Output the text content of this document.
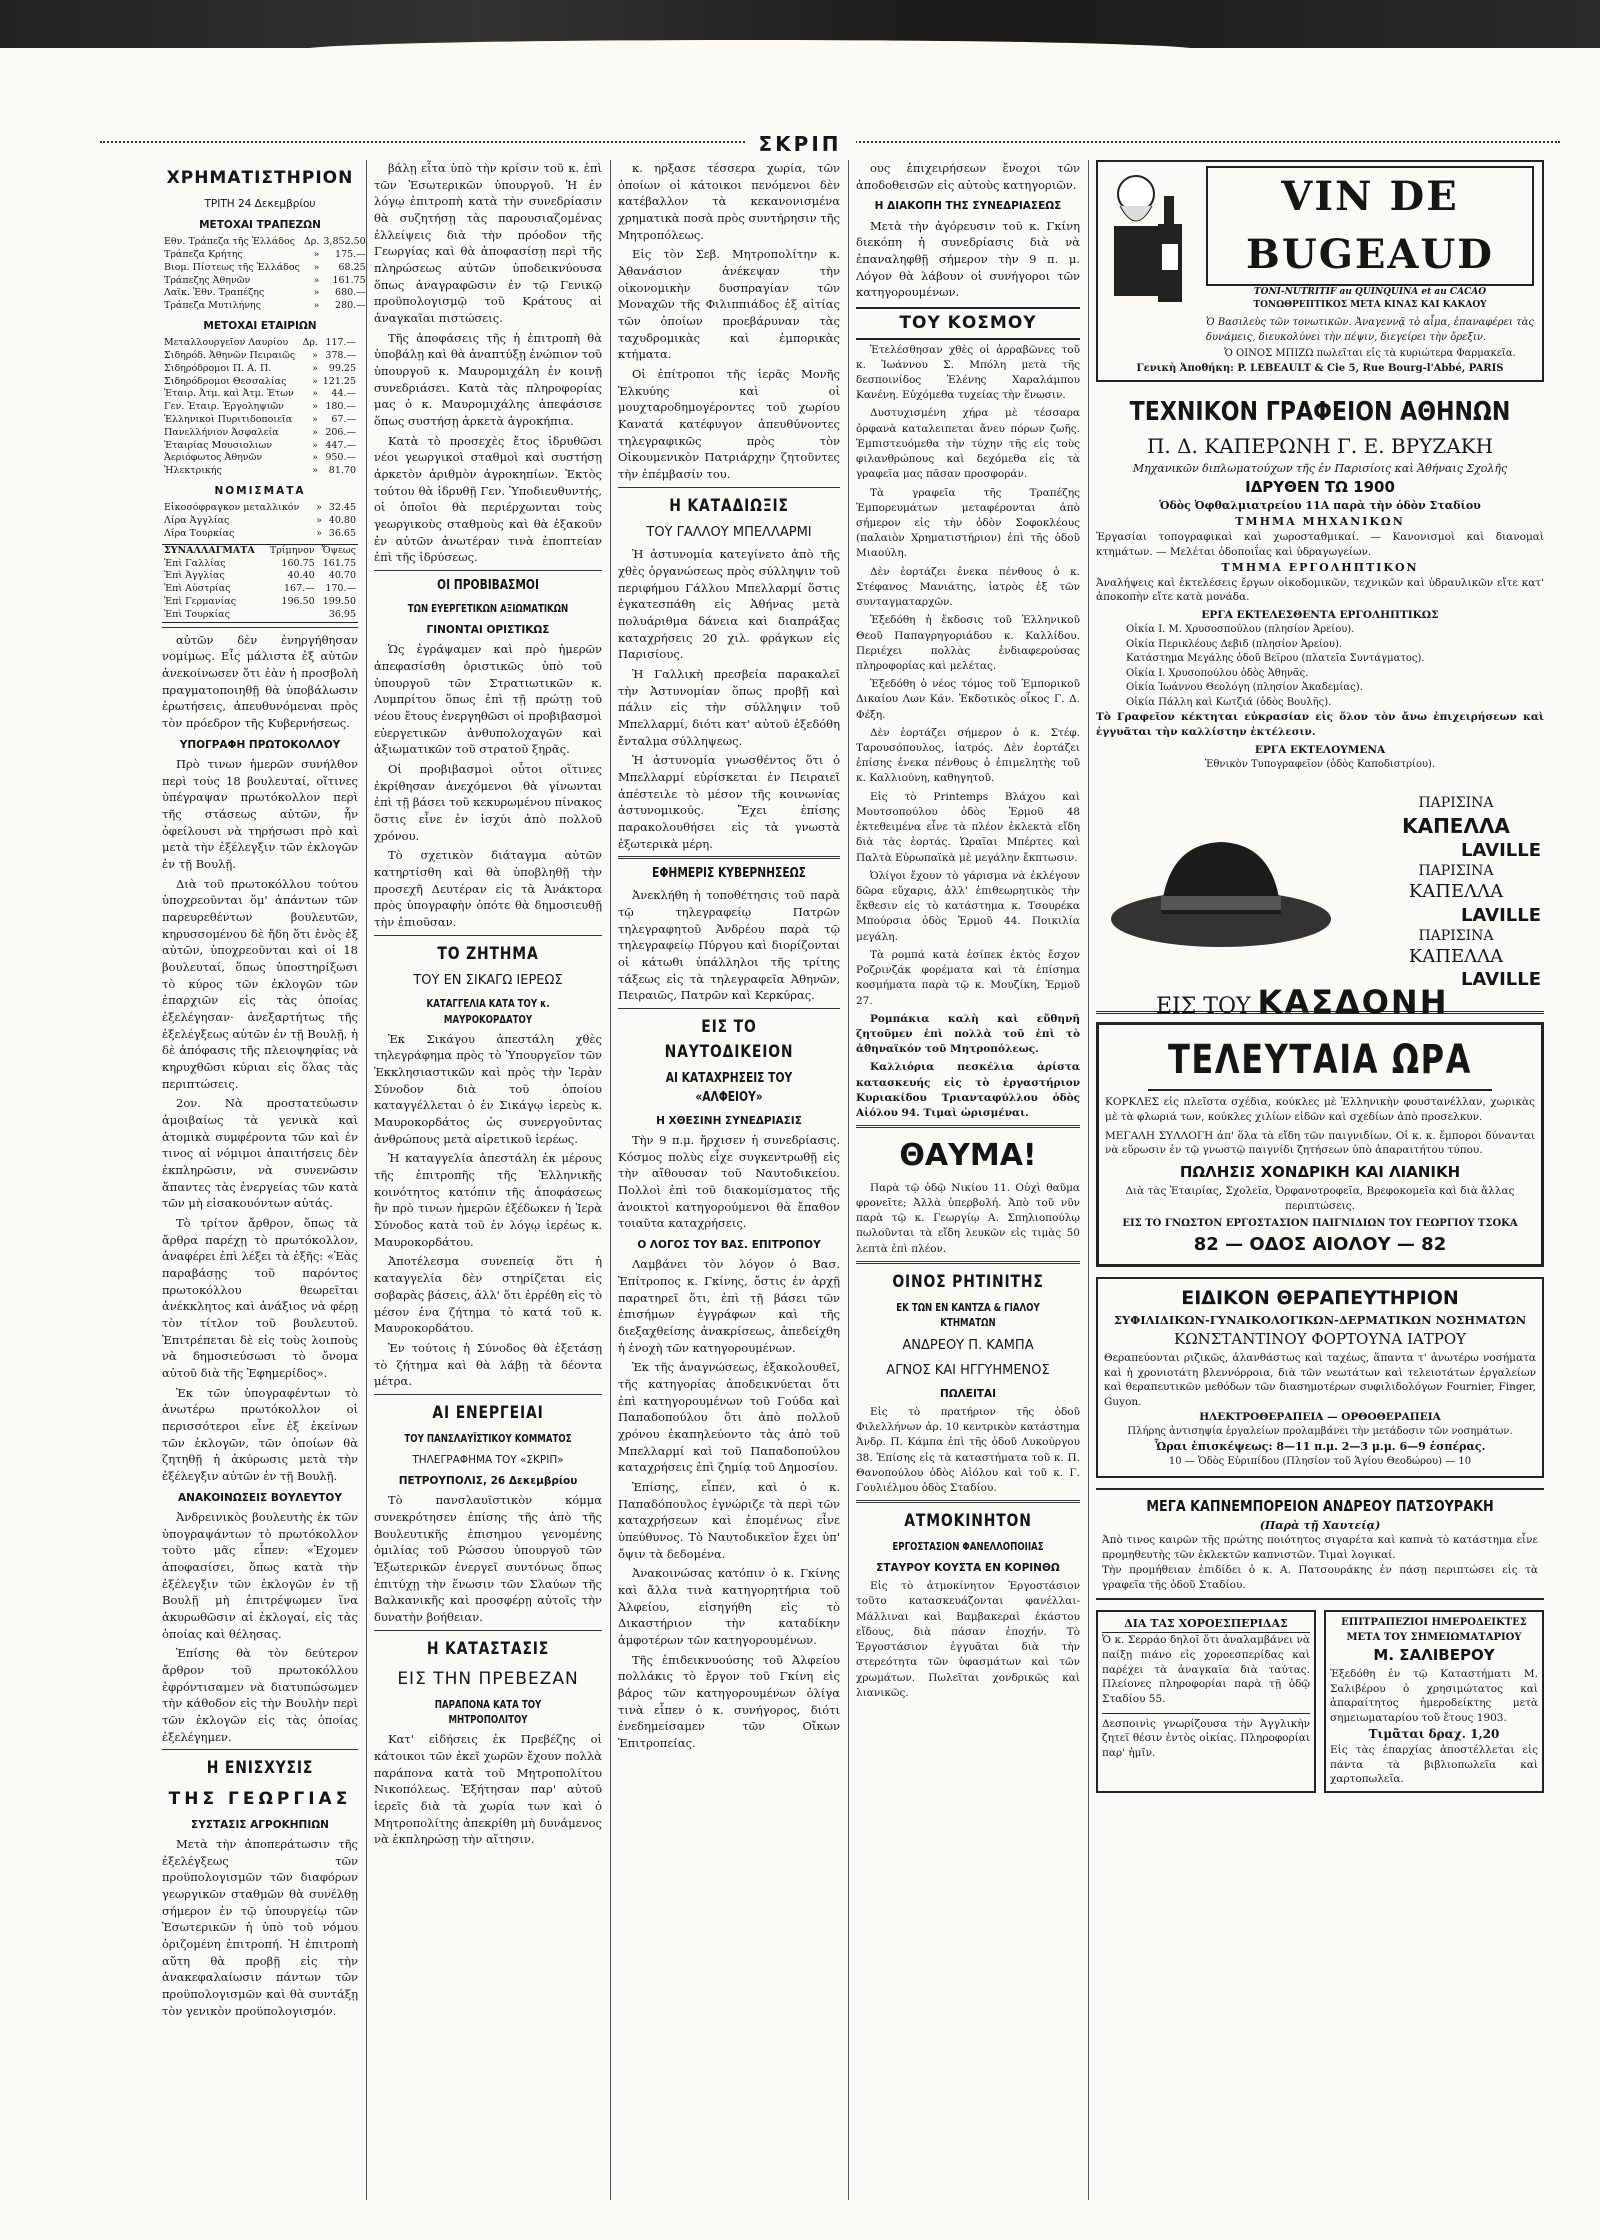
ΣΚΡΙΠ
ΧΡΗΜΑΤΙΣΤΗΡΙΟΝ
ΤΡΙΤΗ 24 Δεκεμβρίου
ΜΕΤΟΧΑΙ ΤΡΑΠΕΖΩΝ
Εθν. Τράπεζα τῆς Ἑλλάδος	Δρ.	3,852.50
Τράπεζα Κρήτης	»	175.—
Βιομ. Πίστεως τῆς Ἑλλάδος	»	68.25
Τράπεζης Ἀθηνῶν	»	161.75
Λαϊκ. Ἐθν. Τραπέζης	»	680.—
Τράπεζα Μυτιλήνης	»	280.—
ΜΕΤΟΧΑΙ ΕΤΑΙΡΙΩΝ
Μεταλλουργεῖον Λαυρίου	Δρ.	117.—
Σιδηρόδ. Ἀθηνῶν Πειραιῶς	»	378.—
Σιδηρόδρομοι Π. Α. Π.	»	99.25
Σιδηρόδρομοι Θεσσαλίας	»	121.25
Ἐταιρ. Ἀτμ. καὶ Ἀτμ. Ἐτων	»	44.—
Γεν. Ἐταιρ. Ἐργοληψιῶν	»	180.—
Ἑλληνικοὶ Πυριτιδοποιεῖα	»	67.—
Πανελλήνιον Ἀσφαλεία	»	206.—
Ἐταιρίας Μουσιολιων	»	447.—
Ἀεριόφωτος Ἀθηνῶν	»	950.—
Ἠλεκτρικής	»	81.70
ΝΟΜΙΣΜΑΤΑ
Εἰκοσόφραγκον μεταλλικόν	»	32.45
Λίρα Ἀγγλίας	»	40.80
Λίρα Τουρκίας	»	36.65
ΣΥΝΑΛΛΑΓΜΑΤΑ	Τρίμηνον	Ὄψεως
Ἐπὶ Γαλλίας	160.75	161.75
Ἐπὶ Ἀγγλίας	40.40	40.70
Ἐπὶ Αὐστρίας	167.—	170.—
Ἐπὶ Γερμανίας	196.50	199.50
Ἐπὶ Τουρκίας		36.95

αὐτῶν δὲν ἐνηργήθησαν νομίμως. Εἶς μάλιστα ἐξ αὐτῶν ἀνεκοίνωσεν ὅτι ἐὰν ἡ προσβολὴ πραγματοποιηθῇ θὰ ὑποβάλωσιν ἑρωτήσεις, ἀπευθυνόμεναι πρὸς τὸν πρόεδρον τῆς Κυβερνήσεως.

ΥΠΟΓΡΑΦΗ ΠΡΩΤΟΚΟΛΛΟΥ

Πρὸ τινων ἡμερῶν συνήλθον περὶ τοὺς 18 βουλευταί, οἵτινες ὑπέγραψαν πρωτόκολλον περὶ τῆς στάσεως αὐτῶν, ἧν ὀφείλουσι νὰ τηρήσωσι πρὸ καὶ μετὰ τὴν ἐξέλεγξιν τῶν ἐκλογῶν ἐν τῇ Βουλῇ.

Διὰ τοῦ πρωτοκόλλου τούτου ὑποχρεοῦνται ὅμ' ἀπάντων τῶν παρευρεθέντων βουλευτῶν, κηρυσσομένου δὲ ἤδη ὅτι ἐνὸς ἐξ αὐτῶν, ὑποχρεοῦνται καὶ οἱ 18 βουλευταί, ὅπως ὑποστηρίξωσι τὸ κύρος τῶν ἐκλογῶν τῶν ἐπαρχιῶν εἰς τὰς ὁποίας ἐξελέγησαν· ἀνεξαρτήτως τῆς ἐξελέγξεως αὐτῶν ἐν τῇ Βουλῇ, ἡ δὲ ἀπόφασις τῆς πλειοψηφίας νὰ κηρυχθῶσι κύριαι εἰς ὅλας τὰς περιπτώσεις.

2ον. Νὰ προστατεύωσιν ἀμοιβαίως τὰ γενικὰ καὶ ἀτομικὰ συμφέροντα τῶν καὶ ἐν τινος αἱ νόμιμοι ἀπαιτήσεις δὲν ἐκπληρῶσιν, νὰ συνενῶσιν ἅπαντες τὰς ἐνεργείας τῶν κατὰ τῶν μὴ εἰσακουόντων αὐτάς.

Τὸ τρίτον ἄρθρον, ὅπως τὰ ἄρθρα παρέχῃ τὸ πρωτόκολλον, ἀναφέρει ἐπὶ λέξει τὰ ἑξῆς: «Ἐὰς παραβάσῃς τοῦ παρόντος πρωτοκόλλου θεωρεῖται ἀνέκκλητος καὶ ἀνάξιος νὰ φέρῃ τὸν τίτλον τοῦ βουλευτοῦ. Ἐπιτρέπεται δὲ εἰς τοὺς λοιποὺς νὰ δημοσιεύσωσι τὸ ὄνομα αὐτοῦ διὰ τῆς Ἐφημερίδος».

Ἐκ τῶν ὑπογραφέντων τὸ ἀνωτέρω πρωτόκολλον οἱ περισσότεροι εἶνε ἐξ ἐκείνων τῶν ἐκλογῶν, τῶν ὁποίων θὰ ζητηθῇ ἡ ἀκύρωσις μετὰ τὴν ἐξέλεγξιν αὐτῶν ἐν τῇ Βουλῇ.

ΑΝΑΚΟΙΝΩΣΕΙΣ ΒΟΥΛΕΥΤΟΥ

Ἀνδρεινικὸς βουλευτὴς ἐκ τῶν ὑπογραψάντων τὸ πρωτόκολλον τοῦτο μᾶς εἶπεν: «Ἐχομεν ἀποφασίσει, ὅπως κατὰ τὴν ἐξέλεγξιν τῶν ἐκλογῶν ἐν τῇ Βουλῇ μὴ ἐπιτρέψωμεν ἵνα ἀκυρωθῶσιν αἱ ἐκλογαί, εἰς τὰς ὁποίας καὶ θέλησας.

Ἐπίσης θὰ τὸν δεύτερον ἄρθρον τοῦ πρωτοκόλλου ἐφρόντισαμεν νὰ διατυπώσωμεν τὴν κάθοδον εἰς τὴν Βουλὴν περὶ τῶν ἐκλογῶν εἰς τὰς ὁποίας ἐξελέγημεν.

Η ΕΝΙΣΧΥΣΙΣ
ΤΗΣ ΓΕΩΡΓΙΑΣ
ΣΥΣΤΑΣΙΣ ΑΓΡΟΚΗΠΙΩΝ

Μετὰ τὴν ἀποπεράτωσιν τῆς ἐξελέγξεως τῶν προϋπολογισμῶν τῶν διαφόρων γεωργικῶν σταθμῶν θὰ συνέλθῃ σήμερον ἐν τῷ ὑπουργείῳ τῶν Ἐσωτερικῶν ἡ ὑπὸ τοῦ νόμου ὁριζομένη ἐπιτροπή. Ἡ ἐπιτροπὴ αὕτη θὰ προβῇ εἰς τὴν ἀνακεφαλαίωσιν πάντων τῶν προϋπολογισμῶν καὶ θὰ συντάξῃ τὸν γενικὸν προϋπολογισμόν.

βάλῃ εἶτα ὑπὸ τὴν κρίσιν τοῦ κ. ἐπὶ τῶν Ἐσωτερικῶν ὑπουργοῦ. Ἡ ἐν λόγῳ ἐπιτροπὴ κατὰ τὴν συνεδρίασιν θὰ συζητήσῃ τὰς παρουσιαζομένας ἐλλείψεις διὰ τὴν πρόοδον τῆς Γεωργίας καὶ θὰ ἀποφασίσῃ περὶ τῆς πληρώσεως αὐτῶν ὑποδεικνύουσα ὅπως ἀναγραφῶσιν ἐν τῷ Γενικῷ προϋπολογισμῷ τοῦ Κράτους αἱ ἀναγκαῖαι πιστώσεις.

Τῆς ἀποφάσεις τῆς ἡ ἐπιτροπὴ θὰ ὑποβάλῃ καὶ θὰ ἀναπτύξῃ ἐνώπιον τοῦ ὑπουργοῦ κ. Μαυρομιχάλη ἐν κοινῇ συνεδριάσει. Κατὰ τὰς πληροφορίας μας ὁ κ. Μαυρομιχάλης ἀπεφάσισε ὅπως συστήσῃ ἀρκετὰ ἀγροκήπια.

Κατὰ τὸ προσεχὲς ἔτος ἱδρυθῶσι νέοι γεωργικοὶ σταθμοὶ καὶ συστήσῃ ἀρκετὸν ἀριθμὸν ἀγροκηπίων. Ἐκτὸς τούτου θὰ ἱδρυθῇ Γεν. Ὑποδιευθυντής, οἱ ὁποῖοι θὰ περιέρχωνται τοὺς γεωργικοὺς σταθμοὺς καὶ θὰ ἐξακοῦν ἐν αὐτῶν ἀνωτέραν τινὰ ἐποπτείαν ἐπὶ τῆς ἱδρύσεως.

ΟΙ ΠΡΟΒΙΒΑΣΜΟΙ
ΤΩΝ ΕΥΕΡΓΕΤΙΚΩΝ ΑΞΙΩΜΑΤΙΚΩΝ
ΓΙΝΟΝΤΑΙ ΟΡΙΣΤΙΚΩΣ

Ὡς ἐγράψαμεν καὶ πρὸ ἡμερῶν ἀπεφασίσθη ὁριστικῶς ὑπὸ τοῦ ὑπουργοῦ τῶν Στρατιωτικῶν κ. Λυμπρίτου ὅπως ἐπὶ τῇ πρώτῃ τοῦ νέου ἔτους ἐνεργηθῶσι οἱ προβιβασμοὶ εὐεργετικῶν ἀνθυπολοχαγῶν καὶ ἀξιωματικῶν τοῦ στρατοῦ ξηρᾶς.

Οἱ προβιβασμοὶ οὗτοι οἵτινες ἐκρίθησαν ἀνεχόμενοι θὰ γίνωνται ἐπὶ τῇ βάσει τοῦ κεκυρωμένου πίνακος ὅστις εἶνε ἐν ἰσχύι ἀπὸ πολλοῦ χρόνου.

Τὸ σχετικὸν διάταγμα αὐτῶν κατηρτίσθη καὶ θὰ ὑποβληθῇ τὴν προσεχῆ Δευτέραν εἰς τὰ Ἀνάκτορα πρὸς ὑπογραφὴν ὁπότε θὰ δημοσιευθῇ τὴν ἐπιοῦσαν.

ΤΟ ΖΗΤΗΜΑ
ΤΟΥ ΕΝ ΣΙΚΑΓΩ ΙΕΡΕΩΣ
ΚΑΤΑΓΓΕΛΙΑ ΚΑΤΑ ΤΟΥ κ. ΜΑΥΡΟΚΟΡΔΑΤΟΥ

Ἐκ Σικάγου ἀπεστάλη χθὲς τηλεγράφημα πρὸς τὸ Ὑπουργεῖον τῶν Ἐκκλησιαστικῶν καὶ πρὸς τὴν Ἱερὰν Σύνοδον διὰ τοῦ ὁποίου καταγγέλλεται ὁ ἐν Σικάγῳ ἱερεὺς κ. Μαυροκορδάτος ὡς συνεργοῦντας ἀνθρώπους μετὰ αἱρετικοῦ ἱερέως.

Ἡ καταγγελία ἀπεστάλη ἐκ μέρους τῆς ἐπιτροπῆς τῆς Ἑλληνικῆς κοινότητος κατόπιν τῆς ἀποφάσεως ἣν πρὸ τινων ἡμερῶν ἐξέδωκεν ἡ Ἱερὰ Σύνοδος κατὰ τοῦ ἐν λόγῳ ἱερέως κ. Μαυροκορδάτου.

Ἀποτέλεσμα συνεπείᾳ ὅτι ἡ καταγγελία δὲν στηρίζεται εἰς σοβαρὰς βάσεις, ἀλλ' ὅτι ἐρρέθη εἰς τὸ μέσον ἐνα ζήτημα τὸ κατά τοῦ κ. Μαυροκορδάτου.

Ἐν τούτοις ἡ Σύνοδος θὰ ἐξετάσῃ τὸ ζήτημα καὶ θὰ λάβῃ τὰ δέοντα μέτρα.

ΑΙ ΕΝΕΡΓΕΙΑΙ
ΤΟΥ ΠΑΝΣΛΑΥΪΣΤΙΚΟΥ ΚΟΜΜΑΤΟΣ
ΤΗΛΕΓΡΑΦΗΜΑ ΤΟΥ «ΣΚΡΙΠ»
ΠΕΤΡΟΥΠΟΛΙΣ, 26 Δεκεμβρίου

Τὸ πανσλαυϊστικὸν κόμμα συνεκρότησεν ἐπίσης τῆς ἀπὸ τῆς Βουλευτικῆς ἐπισημου γενομένης ὁμιλίας τοῦ Ρώσσου ὑπουργοῦ τῶν Ἐξωτερικῶν ἐνεργεῖ συντόνως ὅπως ἐπιτύχῃ τὴν ἕνωσιν τῶν Σλαύων τῆς Βαλκανικῆς καὶ προσφέρῃ αὐτοῖς τὴν δυνατὴν βοήθειαν.

Η ΚΑΤΑΣΤΑΣΙΣ
ΕΙΣ ΤΗΝ ΠΡΕΒΕΖΑΝ
ΠΑΡΑΠΟΝΑ ΚΑΤΑ ΤΟΥ ΜΗΤΡΟΠΟΛΙΤΟΥ

Κατ' εἰδήσεις ἐκ Πρεβέζης οἱ κάτοικοι τῶν ἐκεῖ χωρῶν ἔχουν πολλὰ παράπονα κατὰ τοῦ Μητροπολίτου Νικοπόλεως. Ἐξήτησαν παρ' αὐτοῦ ἱερεῖς διὰ τὰ χωρία των καὶ ὁ Μητροπολίτης ἀπεκρίθη μὴ δυνάμενος νὰ ἐκπληρώσῃ τὴν αἴτησιν.

κ. ηρξασε τέσσερα χωρία, τῶν ὁποίων οἱ κάτοικοι πενόμενοι δὲν κατέβαλλον τὰ κεκανονισμένα χρηματικὰ ποσὰ πρὸς συντήρησιν τῆς Μητροπόλεως.

Εἰς τὸν Σεβ. Μητροπολίτην κ. Ἀθανάσιον ἀνέκεψαν τὴν οἰκονομικὴν δυσπραγίαν τῶν Μοναχῶν τῆς Φιλιππιάδος ἐξ αἰτίας τῶν ὁποίων προεβάρυναν τὰς ταχυδρομικὰς καὶ ἐμπορικὰς κτήματα.

Οἱ ἐπίτροποι τῆς ἱερᾶς Μονῆς Ἑλκυύης καὶ οἱ μουχταροδημογέροντες τοῦ χωρίου Κανατά κατέφυγον ἀπευθύνοντες τηλεγραφικῶς πρὸς τὸν Οἰκουμενικὸν Πατριάρχην ζητοῦντες τὴν ἐπέμβασίν του.

Η ΚΑΤΑΔΙΩΞΙΣ
ΤΟΥ ΓΑΛΛΟΥ ΜΠΕΛΛΑΡΜΙ

Ἡ ἀστυνομία κατεγίνετο ἀπὸ τῆς χθὲς ὀργανώσεως πρὸς σύλληψιν τοῦ περιφήμου Γάλλου Μπελλαρμί ὅστις ἐγκατεσπάθη εἰς Ἀθήνας μετὰ πολυάριθμα δάνεια καὶ διαπράξας καταχρήσεις 20 χιλ. φράγκων εἰς Παρισίους.

Ἡ Γαλλικὴ πρεσβεία παρακαλεῖ τὴν Ἀστυνομίαν ὅπως προβῇ καὶ πάλιν εἰς τὴν σύλληψιν τοῦ Μπελλαρμί, διότι κατ' αὐτοῦ ἐξεδόθη ἔνταλμα σύλληψεως.

Ἡ ἀστυνομία γνωσθέντος ὅτι ὁ Μπελλαρμί εὑρίσκεται ἐν Πειραιεῖ ἀπέστειλε τὸ μέσον τῆς κοινωνίας ἀστυνομικούς. Ἔχει ἐπίσης παρακολουθήσει εἰς τὰ γνωστὰ ἐξωτερικὰ μέρη.

ΕΦΗΜΕΡΙΣ ΚΥΒΕΡΝΗΣΕΩΣ

Ἀνεκλήθη ἡ τοποθέτησις τοῦ παρὰ τῷ τηλεγραφείῳ Πατρῶν τηλεγραφητοῦ Ἀνδρέου παρὰ τῷ τηλεγραφείῳ Πύργου καὶ διορίζονται οἱ κάτωθι ὑπάλληλοι τῆς τρίτης τάξεως εἰς τὰ τηλεγραφεῖα Ἀθηνῶν, Πειραιῶς, Πατρῶν καὶ Κερκύρας.

ΕΙΣ ΤΟ ΝΑΥΤΟΔΙΚΕΙΟΝ
ΑΙ ΚΑΤΑΧΡΗΣΕΙΣ ΤΟΥ «ΑΛΦΕΙΟΥ»
Η ΧΘΕΣΙΝΗ ΣΥΝΕΔΡΙΑΣΙΣ

Τὴν 9 π.μ. ἤρχισεν ἡ συνεδρίασις. Κόσμος πολὺς εἶχε συγκεντρωθῇ εἰς τὴν αἴθουσαν τοῦ Ναυτοδικείου. Πολλοὶ ἐπὶ τοῦ διακομίσματος τῆς ἀνοικτοὶ κατηγορούμενοι θὰ ἔπαθον τοιαῦτα καταχρήσεις.

Ο ΛΟΓΟΣ ΤΟΥ ΒΑΣ. ΕΠΙΤΡΟΠΟΥ

Λαμβάνει τὸν λόγον ὁ Βασ. Ἐπίτροπος κ. Γκίνης, ὅστις ἐν ἀρχῇ παρατηρεῖ ὅτι, ἐπὶ τῇ βάσει τῶν ἐπισήμων ἐγγράφων καὶ τῆς διεξαχθείσης ἀνακρίσεως, ἀπεδείχθη ἡ ἐνοχὴ τῶν κατηγορουμένων.

Ἐκ τῆς ἀναγνώσεως, ἐξακολουθεῖ, τῆς κατηγορίας ἀποδεικνύεται ὅτι ἐπὶ κατηγορουμένων τοῦ Γούδα καὶ Παπαδοπούλου ὅτι ἀπὸ πολλοῦ χρόνου ἐκαπηλεύοντο τὰς ἀπὸ τοῦ Μπελλαρμί καὶ τοῦ Παπαδοπούλου καταχρήσεις ἐπὶ ζημίᾳ τοῦ Δημοσίου.

Ἐπίσης, εἶπεν, καὶ ὁ κ. Παπαδόπουλος ἐγνώριζε τὰ περὶ τῶν καταχρήσεων καὶ ἐπομένως εἶνε ὑπεύθυνος. Τὸ Ναυτοδικεῖον ἔχει ὑπ' ὄψιν τὰ δεδομένα.

Ἀνακοινώσας κατόπιν ὁ κ. Γκίνης καὶ ἄλλα τινὰ κατηγορητήρια τοῦ Ἀλφείου, εἰσηγήθη εἰς τὸ Δικαστήριον τὴν καταδίκην ἀμφοτέρων τῶν κατηγορουμένων.

Τῆς ἐπιδεικνυούσης τοῦ Ἀλφείου πολλάκις τὸ ἔργον τοῦ Γκίνη εἰς βάρος τῶν κατηγορουμένων ὀλίγα τινὰ εἶπεν ὁ κ. συνήγορος, διότι ἐνεδημείσαμεν τῶν Οἴκων Ἑπιτροπείας.

ους ἐπιχειρήσεων ἔνοχοι τῶν ἀποδοθεισῶν εἰς αὐτοὺς κατηγοριῶν.

Η ΔΙΑΚΟΠΗ ΤΗΣ ΣΥΝΕΔΡΙΑΣΕΩΣ

Μετὰ τὴν ἀγόρευσιν τοῦ κ. Γκίνη διεκόπη ἡ συνεδρίασις διὰ νὰ ἐπαναληφθῇ σήμερον τὴν 9 π. μ. Λόγον θὰ λάβουν οἱ συνήγοροι τῶν κατηγορουμένων.

ΤΟΥ ΚΟΣΜΟΥ

Ἑτελέσθησαν χθὲς οἱ ἀρραβῶνες τοῦ κ. Ἰωάννου Σ. Μπόλη μετὰ τῆς δεσποινίδος Ἑλένης Χαραλάμπου Κανένη. Εὐχόμεθα τυχείας τὴν ἕνωσιν.

Δυστυχισμένη χήρα μὲ τέσσαρα ὀρφανὰ καταλειπεται ἄνευ πόρων ζωῆς. Ἐμπιστευόμεθα τὴν τύχην τῆς εἰς τοὺς φιλανθρώπους καὶ δεχόμεθα εἰς τὰ γραφεῖα μας πᾶσαν προσφοράν.

Τὰ γραφεῖα τῆς Τραπέζης Ἐμπορευμάτων μεταφέρονται ἀπὸ σήμερον εἰς τὴν ὁδὸν Σοφοκλέους (παλαιὸν Χρηματιστήριον) ἐπὶ τῆς ὁδοῦ Μιαούλη.

Δὲν ἑορτάζει ἐνεκα πένθους ὁ κ. Στέφανος Μανιάτης, ἰατρὸς ἐξ τῶν συνταγματαρχῶν.

Ἐξεδόθη ἡ ἔκδοσις τοῦ Ἑλληνικοῦ Θεοῦ Παπαγρηγοριάδου κ. Καλλίδου. Περιέχει πολλὰς ἐνδιαφερούσας πληροφορίας καὶ μελέτας.

Ἐξεδόθη ὁ νέος τόμος τοῦ Ἐμπορικοῦ Δικαίου Λων Κάν. Ἐκδοτικὸς οἶκος Γ. Δ. Φέξη.

Δὲν ἑορτάζει σήμερον ὁ κ. Στέφ. Ταρουσόπουλος, ἰατρός. Δὲν ἑορτάζει ἐπίσης ἐνεκα πένθους ὁ ἐπιμελητὴς τοῦ κ. Καλλιούνη, καθηγητοῦ.

Εἰς τὸ Printemps Βλάχου καὶ Μουτσοπούλου ὁδὸς Ἑρμοῦ 48 ἐκτεθειμένα εἶνε τὰ πλέον ἐκλεκτὰ εἴδη διὰ τὰς ἑορτάς. Ὡραῖαι Μπέρτες καὶ Παλτὰ Εὐρωπαϊκὰ μὲ μεγάλην ἔκπτωσιν.

Ὀλίγοι ἔχουν τὸ γάρισμα νὰ ἐκλέγουν δῶρα εὔχαρις, ἀλλ' ἐπιθεωρητικὸς τὴν ἔκθεσιν εἰς τὸ κατάστημα κ. Τσουρέκα Μπούρσια ὁδὸς Ἑρμοῦ 44. Ποικιλία μεγάλη.

Τὰ ρομπά κατὰ ἐσίπεκ ἐκτὸς ἔσχον Ροζρινζάκ φορέματα καὶ τὰ ἐπίσημα κοσμήματα παρὰ τῷ κ. Μουζίκη, Ἑρμοῦ 27.

Ρομπάκια καλὴ καὶ εὔθηνῆ ζητοῦμεν ἐπὶ πολλὰ τοῦ ἐπὶ τὸ ἀθηναϊκόν τοῦ Μητροπόλεως.

Καλλιόρια πεσκέλια ἀρίστα κατασκευής εἰς τὸ ἐργαστήριον Κυριακίδου Τριανταφύλλου ὁδὸς Αἰόλου 94. Τιμαὶ ὡρισμέναι.

ΘΑΥΜΑ!

Παρὰ τῷ ὁδῷ Νικίου 11. Οὐχὶ θαῦμα φρονεῖτε; Ἀλλὰ ὑπερβολή. Ἀπὸ τοῦ νῦν παρὰ τῷ κ. Γεωργίῳ Α. Σπηλιοπούλῳ πωλοῦνται τὰ εἴδη λευκῶν εἰς τιμὰς 50 λεπτὰ ἐπὶ πλέον.

ΟΙΝΟΣ ΡΗΤΙΝΙΤΗΣ
ΕΚ ΤΩΝ ΕΝ ΚΑΝΤΖΑ & ΓΙΑΛΟΥ ΚΤΗΜΑΤΩΝ
ΑΝΔΡΕΟΥ Π. ΚΑΜΠΑ
ΑΓΝΟΣ ΚΑΙ ΗΓΓΥΗΜΕΝΟΣ
ΠΩΛΕΙΤΑΙ

Εἰς τὸ πρατήριον τῆς ὁδοῦ Φιλελλήνων ἀρ. 10 κεντρικὸν κατάστημα Ἀνδρ. Π. Κάμπα ἐπὶ τῆς ὁδοῦ Λυκούργου 38. Ἐπίσης εἰς τὰ καταστήματα τοῦ κ. Π. Θανοπούλου ὁδὸς Αἰόλου καὶ τοῦ κ. Γ. Γουλιέλμου ὁδὸς Σταδίου.

ΑΤΜΟΚΙΝΗΤΟΝ
ΕΡΓΟΣΤΑΣΙΟΝ ΦΑΝΕΛΛΟΠΟΙΙΑΣ
ΣΤΑΥΡΟΥ ΚΟΥΣΤΑ ΕΝ ΚΟΡΙΝΘΩ

Εἰς τὸ ἀτμοκίνητον Ἐργοστάσιον τοῦτο κατασκευάζονται φανέλλαι-Μάλλιναι καὶ Βαμβακεραὶ ἐκάστου εἴδους, διὰ πάσαν ἐποχήν. Τὸ Ἐργοστάσιον ἐγγυᾶται διὰ τὴν στερεότητα τῶν ὑφασμάτων καὶ τῶν χρωμάτων. Πωλεῖται χονδρικῶς καὶ λιανικῶς.

VIN DE BUGEAUD
TONI-NUTRITIF au QUINQUINA et au CACAO
ΤΟΝΩΘΡΕΠΤΙΚΟΣ ΜΕΤΑ ΚΙΝΑΣ ΚΑΙ ΚΑΚΑΟΥ
Ὁ Βασιλεὺς τῶν τονωτικῶν. Ἀναγεννᾷ τὸ αἷμα, ἐπαναφέρει τὰς δυνάμεις, διευκολύνει τὴν πέψιν, διεγείρει τὴν ὄρεξιν.
Ὁ ΟΙΝΟΣ ΜΠΙΖΩ πωλεῖται εἰς τὰ κυριώτερα Φαρμακεῖα.
Γενικὴ Ἀποθήκη: P. LEBEAULT & Cie 5, Rue Bourg-l'Abbé, PARIS
ΤΕΧΝΙΚΟΝ ΓΡΑΦΕΙΟΝ ΑΘΗΝΩΝ
Π. Δ. ΚΑΠΕΡΩΝΗ Γ. Ε. ΒΡΥΖΑΚΗ
Μηχανικῶν διπλωματούχων τῆς ἐν Παρισίοις καὶ Ἀθήναις Σχολῆς
ΙΔΡΥΘΕΝ ΤΩ 1900
Ὁδὸς Ὀφθαλμιατρείου 11Α παρὰ τὴν ὁδὸν Σταδίου
ΤΜΗΜΑ ΜΗΧΑΝΙΚΩΝ
Ἐργασίαι τοπογραφικαὶ καὶ χωροσταθμικαί. — Κανονισμοὶ καὶ διανομαὶ κτημάτων. — Μελέται ὁδοποιΐας καὶ ὑδραγωγείων.
ΤΜΗΜΑ ΕΡΓΟΛΗΠΤΙΚΟΝ
Ἀναλήψεις καὶ ἐκτελέσεις ἔργων οἰκοδομικῶν, τεχνικῶν καὶ ὑδραυλικῶν εἴτε κατ' ἀποκοπὴν εἴτε κατὰ μονάδα.
ΕΡΓΑ ΕΚΤΕΛΕΣΘΕΝΤΑ ΕΡΓΟΛΗΠΤΙΚΩΣ
Οἰκία Ι. Μ. Χρυσοσπούλου (πλησίον Ἀρείου).
Οἰκία Περικλέους Δεβιδ (πλησίον Ἀρείου).
Κατάστημα Μεγάλης ὁδοῦ Βεϊρου (πλατεῖα Συντάγματος).
Οἰκία Ι. Χρυσοπούλου ὁδὸς Ἀθηνᾶς.
Οἰκία Ἰωάννου Θεολόγη (πλησίον Ἀκαδεμίας).
Οἰκία Πάλλη καὶ Κωτζιά (ὁδὸς Βουλῆς).
Τὸ Γραφεῖον κέκτηται εὐκρασίαν εἰς ὅλον τὸν ἄνω ἐπιχειρήσεων καὶ ἐγγυᾶται τὴν καλλίστην ἐκτέλεσιν.
ΕΡΓΑ ΕΚΤΕΛΟΥΜΕΝΑ
Ἐθνικὸν Τυπογραφεῖον (ὁδὸς Καποδιστρίου).
ΠΑΡΙΣΙΝΑ
ΚΑΠΕΛΛΑ
LAVILLE
ΠΑΡΙΣΙΝΑ
ΚΑΠΕΛΛΑ
LAVILLE
ΠΑΡΙΣΙΝΑ
ΚΑΠΕΛΛΑ
LAVILLE
ΕΙΣ ΤΟΥ ΚΑΣΔΟΝΗ
ΤΕΛΕΥΤΑΙΑ ΩΡΑ
ΚΟΡΚΛΕΣ εἰς πλεῖστα σχέδια, κούκλες μὲ Ἑλληνικὴν φουστανέλλαν, χωρικὰς μὲ τὰ φλωριά των, κούκλες χιλίων εἰδῶν καὶ σχεδίων ἀπὸ προσελκυν.
ΜΕΓΑΛΗ ΣΥΛΛΟΓΗ ἀπ' ὅλα τὰ εἴδη τῶν παιγνιδίων. Οἱ κ. κ. ἔμποροι δύνανται νὰ εὕρωσιν ἐν τῷ γνωστῷ παιγνίδι ζητήσεων ὑπὸ ἀπαραιτήτου τύπου.
ΠΩΛΗΣΙΣ ΧΟΝΔΡΙΚΗ ΚΑΙ ΛΙΑΝΙΚΗ
Διὰ τὰς Ἑταιρίας, Σχολεῖα, Ὀρφανοτροφεῖα, Βρεφοκομεῖα καὶ διὰ ἄλλας περιπτώσεις.
ΕΙΣ ΤΟ ΓΝΩΣΤΟΝ ΕΡΓΟΣΤΑΣΙΟΝ ΠΑΙΓΝΙΔΙΩΝ ΤΟΥ ΓΕΩΡΓΙΟΥ ΤΣΟΚΑ
82 — ΟΔΟΣ ΑΙΟΛΟΥ — 82
ΕΙΔΙΚΟΝ ΘΕΡΑΠΕΥΤΗΡΙΟΝ
ΣΥΦΙΛΙΔΙΚΩΝ-ΓΥΝΑΙΚΟΛΟΓΙΚΩΝ-ΔΕΡΜΑΤΙΚΩΝ ΝΟΣΗΜΑΤΩΝ
ΚΩΝΣΤΑΝΤΙΝΟΥ ΦΟΡΤΟΥΝΑ ΙΑΤΡΟΥ
Θεραπεύονται ριζικῶς, ἀλανθάστως καὶ ταχέως, ἅπαντα τ' ἀνωτέρω νοσήματα καὶ ἡ χρονιοτάτη βλεννόρροια, διὰ τῶν νεωτάτων καὶ τελειοτάτων ἐργαλείων καὶ θεραπευτικῶν μεθόδων τῶν διασημοτέρων συφιλιδολόγων Fournier, Finger, Guyon.
ΗΛΕΚΤΡΟΘΕΡΑΠΕΙΑ — ΟΡΘΟΘΕΡΑΠΕΙΑ
Πλήρης ἀντισηψία ἐργαλείων προλαμβάνει τὴν μετάδοσιν τῶν νοσημάτων.
Ὧραι ἐπισκέψεως: 8—11 π.μ. 2—3 μ.μ. 6—9 ἑσπέρας.
10 — Ὁδὸς Εὐριπίδου (Πλησίον τοῦ Ἁγίου Θεοδώρου) — 10
ΜΕΓΑ ΚΑΠΝΕΜΠΟΡΕΙΟΝ ΑΝΔΡΕΟΥ ΠΑΤΣΟΥΡΑΚΗ
(Παρὰ τῇ Χαυτείᾳ)
Ἀπὸ τινος καιρῶν τῆς πρώτης ποιότητος σιγαρέτα καὶ καπνὰ τὸ κατάστημα εἶνε προμηθευτὴς τῶν ἐκλεκτῶν καπνιστῶν. Τιμαὶ λογικαί.
Τὴν προμήθειαν ἐπιδίδει ὁ κ. Α. Πατσουράκης ἐν πάσῃ περιπτώσει εἰς τὰ γραφεῖα τῆς ὁδοῦ Σταδίου.
ΔΙΑ ΤΑΣ ΧΟΡΟΕΣΠΕΡΙΔΑΣ
Ὁ κ. Σερράο δηλοῖ ὅτι ἀναλαμβάνει νὰ παίξῃ πιάνο εἰς χοροεσπερίδας καὶ παρέχει τὰ ἀναγκαῖα διὰ ταύτας. Πλείονες πληροφορίαι παρὰ τῇ ὁδῷ Σταδίου 55.
Δεσποινὶς γνωρίζουσα τὴν Ἀγγλικὴν ζητεῖ θέσιν ἐντὸς οἰκίας. Πληροφορίαι παρ' ἡμῖν.
ΕΠΙΤΡΑΠΕΖΙΟΙ ΗΜΕΡΟΔΕΙΚΤΕΣ
ΜΕΤΑ ΤΟΥ ΣΗΜΕΙΩΜΑΤΑΡΙΟΥ
Μ. ΣΑΛΙΒΕΡΟΥ
Ἐξεδόθη ἐν τῷ Καταστήματι Μ. Σαλιβέρου ὁ χρησιμώτατος καὶ ἀπαραίτητος ἡμεροδείκτης μετὰ σημειωματαρίου τοῦ ἔτους 1903.
Τιμᾶται δραχ. 1,20
Εἰς τὰς ἐπαρχίας ἀποστέλλεται εἰς πάντα τὰ βιβλιοπωλεῖα καὶ χαρτοπωλεῖα.
